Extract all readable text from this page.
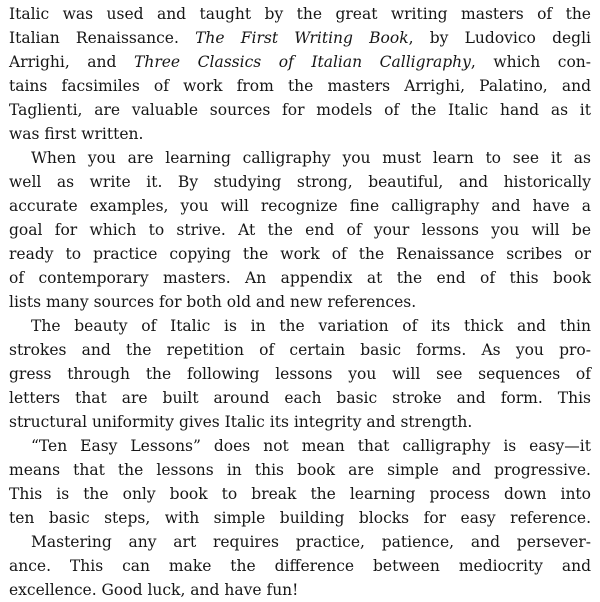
Italic was used and taught by the great writing masters of the
Italian Renaissance. The First Writing Book, by Ludovico degli
Arrighi, and Three Classics of Italian Calligraphy, which con-
tains facsimiles of work from the masters Arrighi, Palatino, and
Taglienti, are valuable sources for models of the Italic hand as it
was first written.
When you are learning calligraphy you must learn to see it as
well as write it. By studying strong, beautiful, and historically
accurate examples, you will recognize fine calligraphy and have a
goal for which to strive. At the end of your lessons you will be
ready to practice copying the work of the Renaissance scribes or
of contemporary masters. An appendix at the end of this book
lists many sources for both old and new references.
The beauty of Italic is in the variation of its thick and thin
strokes and the repetition of certain basic forms. As you pro-
gress through the following lessons you will see sequences of
letters that are built around each basic stroke and form. This
structural uniformity gives Italic its integrity and strength.
“Ten Easy Lessons” does not mean that calligraphy is easy—it
means that the lessons in this book are simple and progressive.
This is the only book to break the learning process down into
ten basic steps, with simple building blocks for easy reference.
Mastering any art requires practice, patience, and persever-
ance. This can make the difference between mediocrity and
excellence. Good luck, and have fun!
